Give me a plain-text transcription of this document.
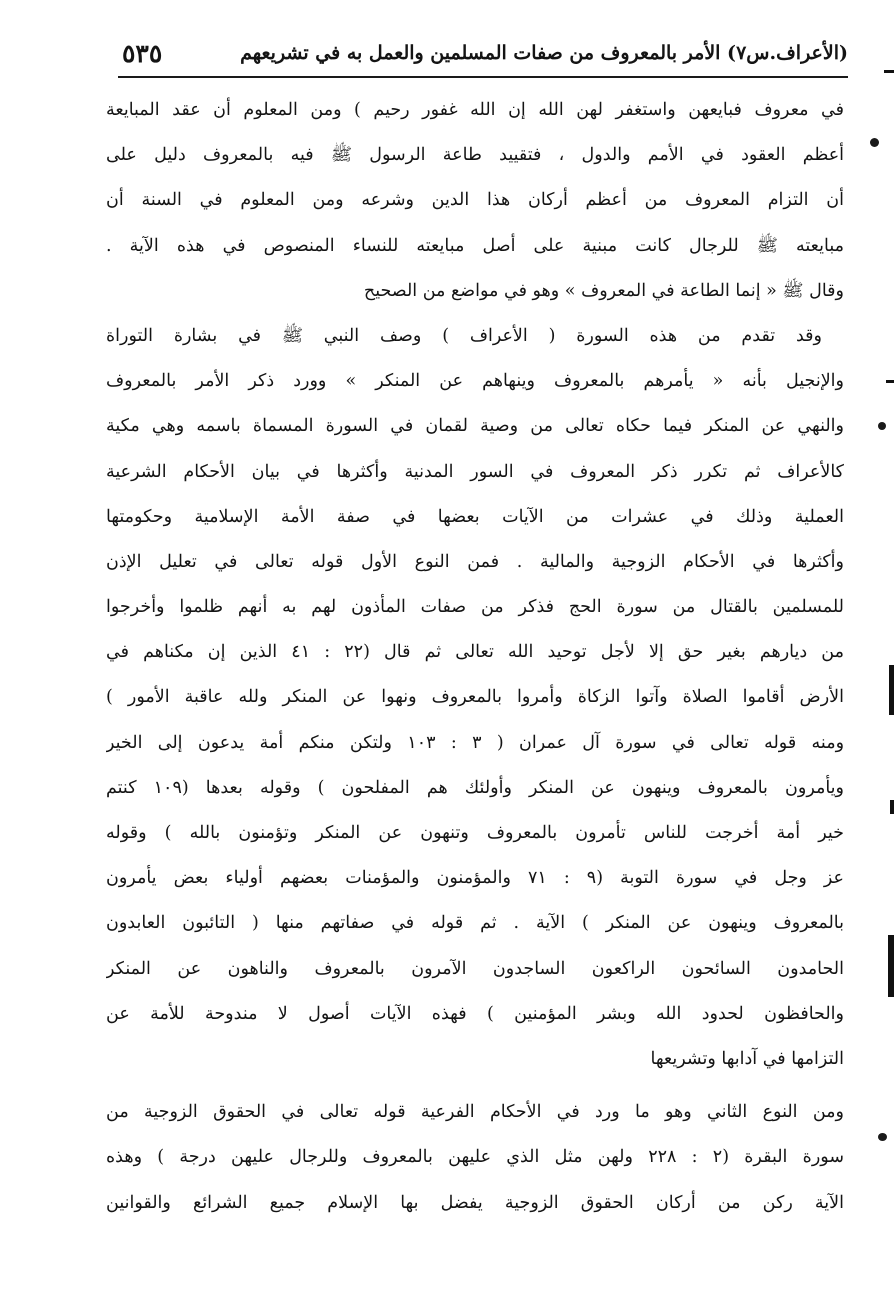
(الأعراف.س٧) الأمر بالمعروف من صفات المسلمين والعمل به في تشريعهم
٥٣٥
في معروف فبايعهن واستغفر لهن الله إن الله غفور رحيم ) ومن المعلوم أن عقد المبايعة
أعظم العقود في الأمم والدول ، فتقييد طاعة الرسول ﷺ فيه بالمعروف دليل على
أن التزام المعروف من أعظم أركان هذا الدين وشرعه ومن المعلوم في السنة أن
مبايعته ﷺ للرجال كانت مبنية على أصل مبايعته للنساء المنصوص في هذه الآية .
وقال ﷺ « إنما الطاعة في المعروف » وهو في مواضع من الصحيح
وقد تقدم من هذه السورة ( الأعراف ) وصف النبي ﷺ في بشارة التوراة
والإنجيل بأنه « يأمرهم بالمعروف وينهاهم عن المنكر » وورد ذكر الأمر بالمعروف
والنهي عن المنكر فيما حكاه تعالى من وصية لقمان في السورة المسماة باسمه وهي مكية
كالأعراف ثم تكرر ذكر المعروف في السور المدنية وأكثرها في بيان الأحكام الشرعية
العملية وذلك في عشرات من الآيات بعضها في صفة الأمة الإسلامية وحكومتها
وأكثرها في الأحكام الزوجية والمالية . فمن النوع الأول قوله تعالى في تعليل الإذن
للمسلمين بالقتال من سورة الحج فذكر من صفات المأذون لهم به أنهم ظلموا وأخرجوا
من ديارهم بغير حق إلا لأجل توحيد الله تعالى ثم قال (٢٢ : ٤١ الذين إن مكناهم في
الأرض أقاموا الصلاة وآتوا الزكاة وأمروا بالمعروف ونهوا عن المنكر ولله عاقبة الأمور )
ومنه قوله تعالى في سورة آل عمران ( ٣ : ١٠٣ ولتكن منكم أمة يدعون إلى الخير
ويأمرون بالمعروف وينهون عن المنكر وأولئك هم المفلحون ) وقوله بعدها (١٠٩ كنتم
خير أمة أخرجت للناس تأمرون بالمعروف وتنهون عن المنكر وتؤمنون بالله ) وقوله
عز وجل في سورة التوبة (٩ : ٧١ والمؤمنون والمؤمنات بعضهم أولياء بعض يأمرون
بالمعروف وينهون عن المنكر ) الآية . ثم قوله في صفاتهم منها ( التائبون العابدون
الحامدون السائحون الراكعون الساجدون الآمرون بالمعروف والناهون عن المنكر
والحافظون لحدود الله وبشر المؤمنين ) فهذه الآيات أصول لا مندوحة للأمة عن
التزامها في آدابها وتشريعها
ومن النوع الثاني وهو ما ورد في الأحكام الفرعية قوله تعالى في الحقوق الزوجية من
سورة البقرة (٢ : ٢٢٨ ولهن مثل الذي عليهن بالمعروف وللرجال عليهن درجة ) وهذه
الآية ركن من أركان الحقوق الزوجية يفضل بها الإسلام جميع الشرائع والقوانين
